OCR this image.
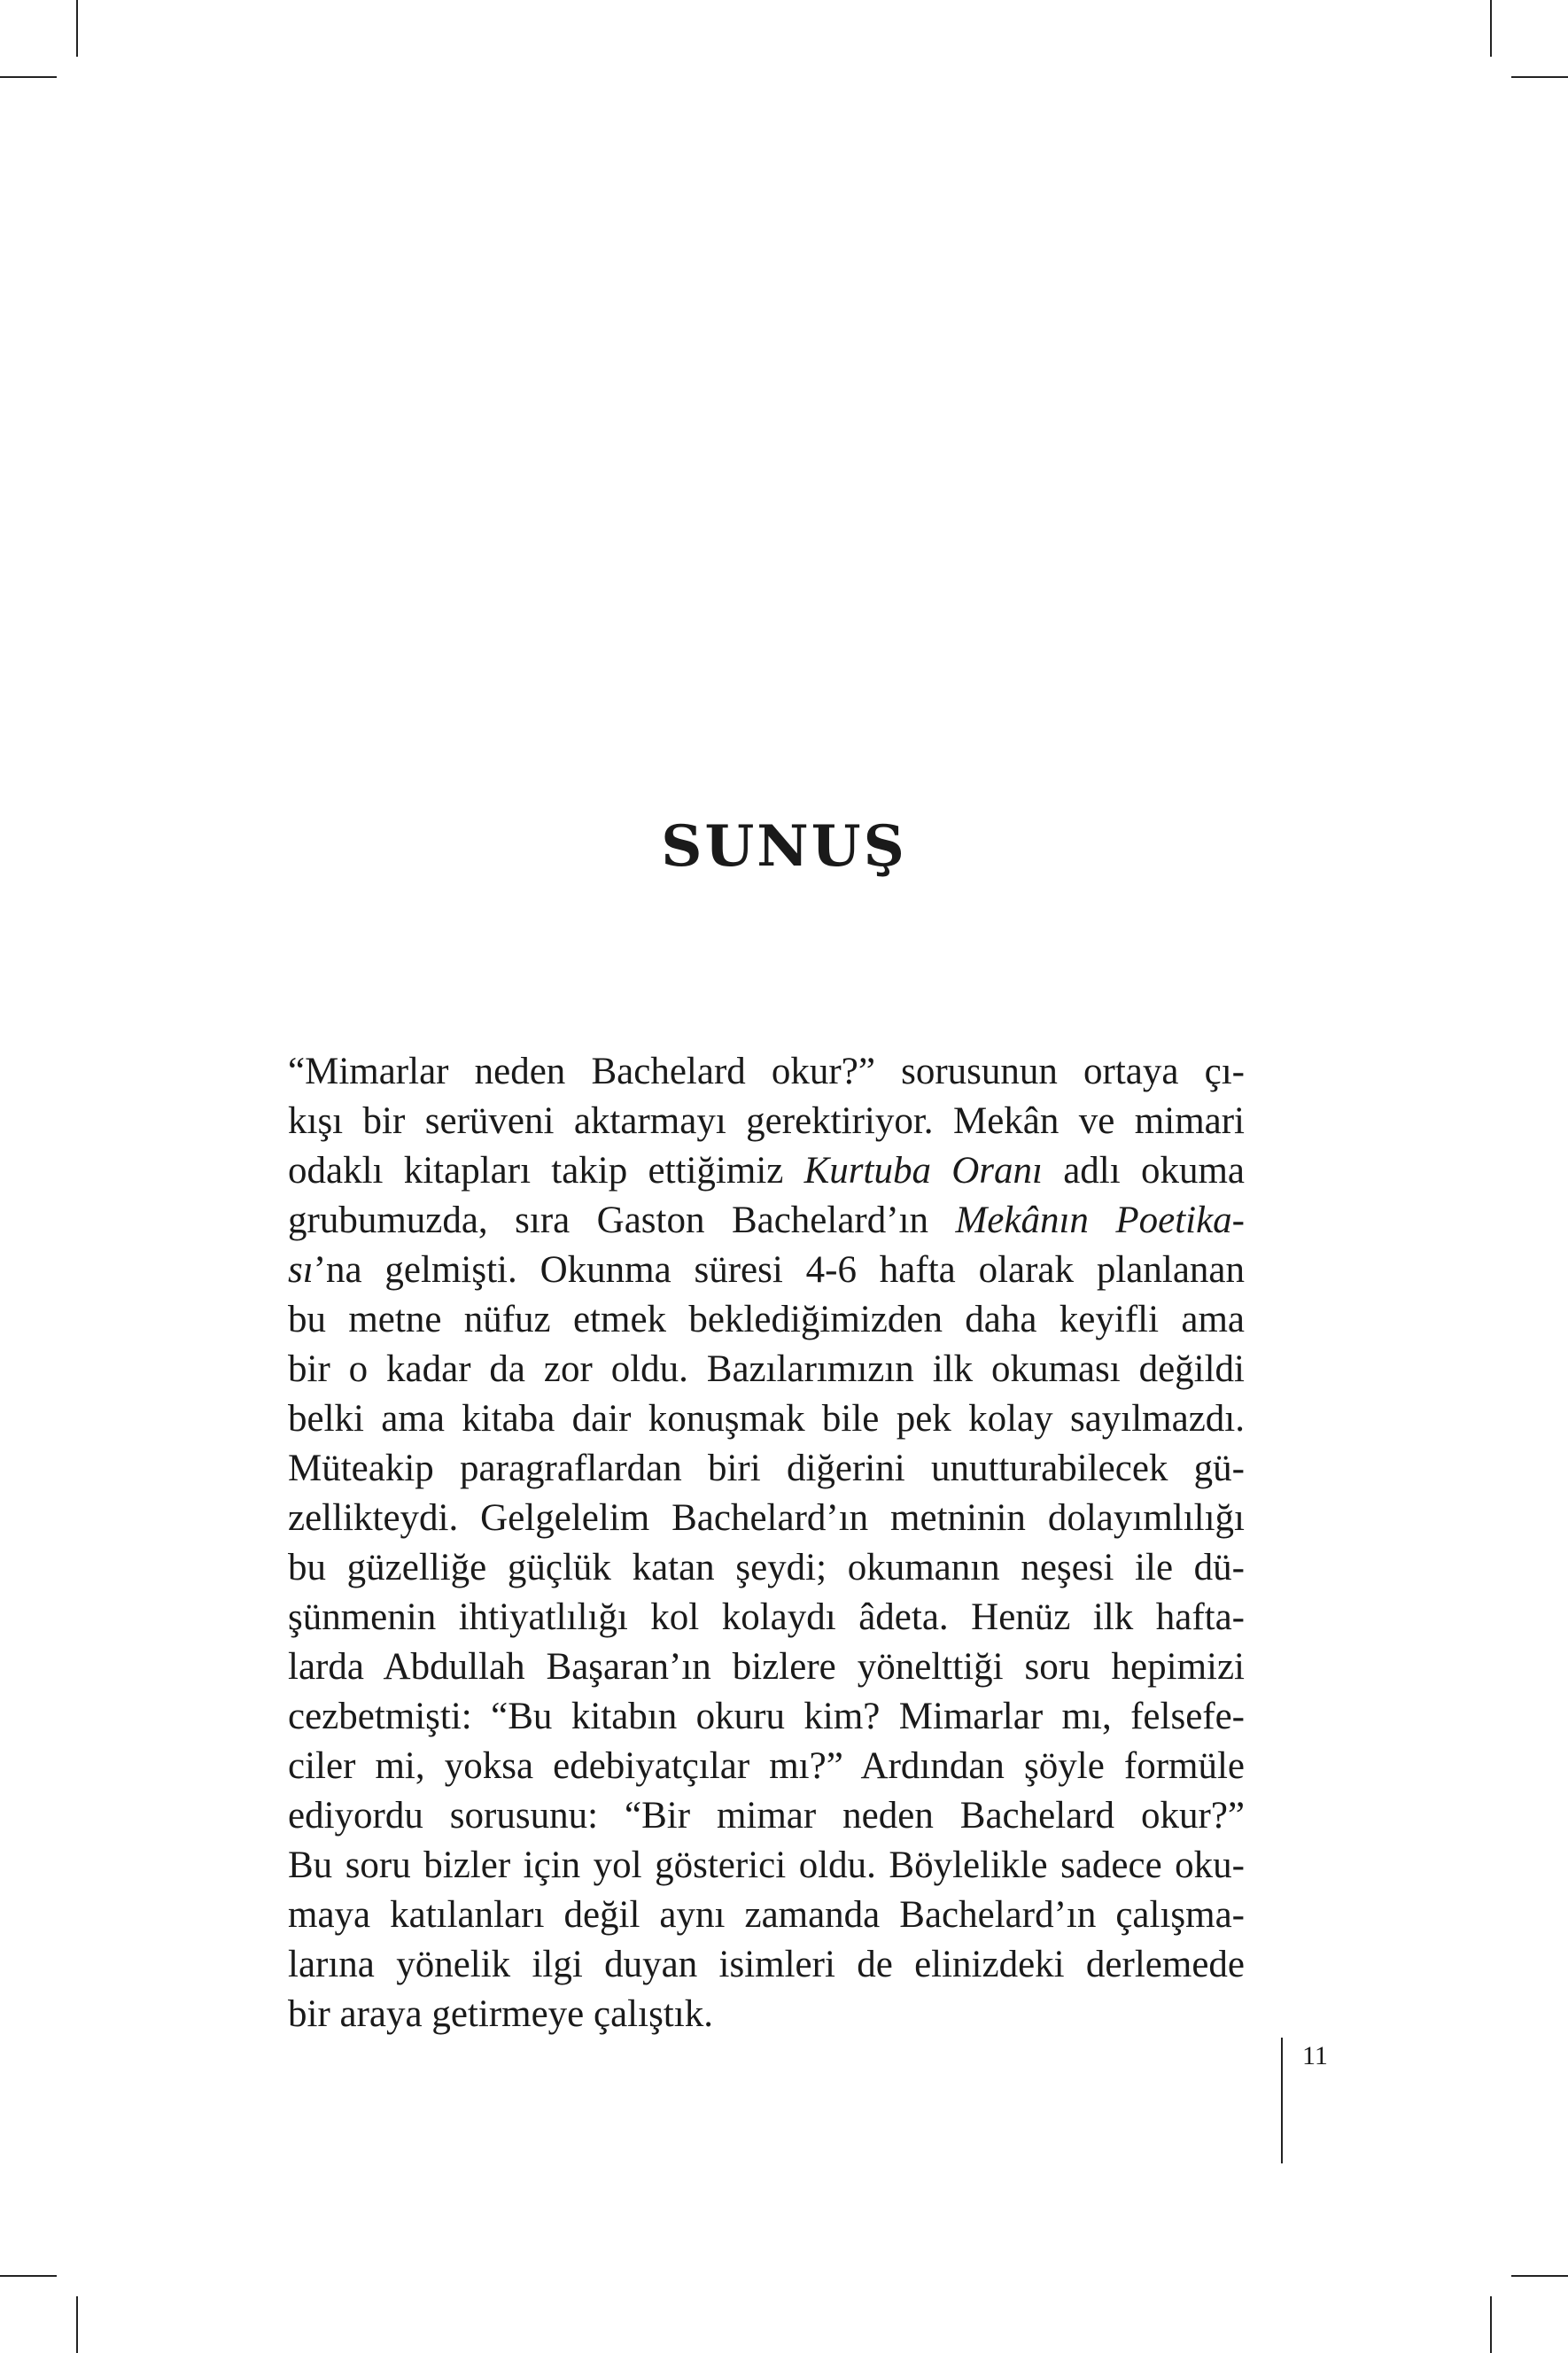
SUNUŞ
“Mimarlar neden Bachelard okur?” sorusunun ortaya çı-
kışı bir serüveni aktarmayı gerektiriyor. Mekân ve mimari
odaklı kitapları takip ettiğimiz Kurtuba Oranı adlı okuma
grubumuzda, sıra Gaston Bachelard’ın Mekânın Poetika-
sı’na gelmişti. Okunma süresi 4-6 hafta olarak planlanan
bu metne nüfuz etmek beklediğimizden daha keyifli ama
bir o kadar da zor oldu. Bazılarımızın ilk okuması değildi
belki ama kitaba dair konuşmak bile pek kolay sayılmazdı.
Müteakip paragraflardan biri diğerini unutturabilecek gü-
zellikteydi. Gelgelelim Bachelard’ın metninin dolayımlılığı
bu güzelliğe güçlük katan şeydi; okumanın neşesi ile dü-
şünmenin ihtiyatlılığı kol kolaydı âdeta. Henüz ilk hafta-
larda Abdullah Başaran’ın bizlere yönelttiği soru hepimizi
cezbetmişti: “Bu kitabın okuru kim? Mimarlar mı, felsefe-
ciler mi, yoksa edebiyatçılar mı?” Ardından şöyle formüle
ediyordu sorusunu: “Bir mimar neden Bachelard okur?”
Bu soru bizler için yol gösterici oldu. Böylelikle sadece oku-
maya katılanları değil aynı zamanda Bachelard’ın çalışma-
larına yönelik ilgi duyan isimleri de elinizdeki derlemede
bir araya getirmeye çalıştık.
11
